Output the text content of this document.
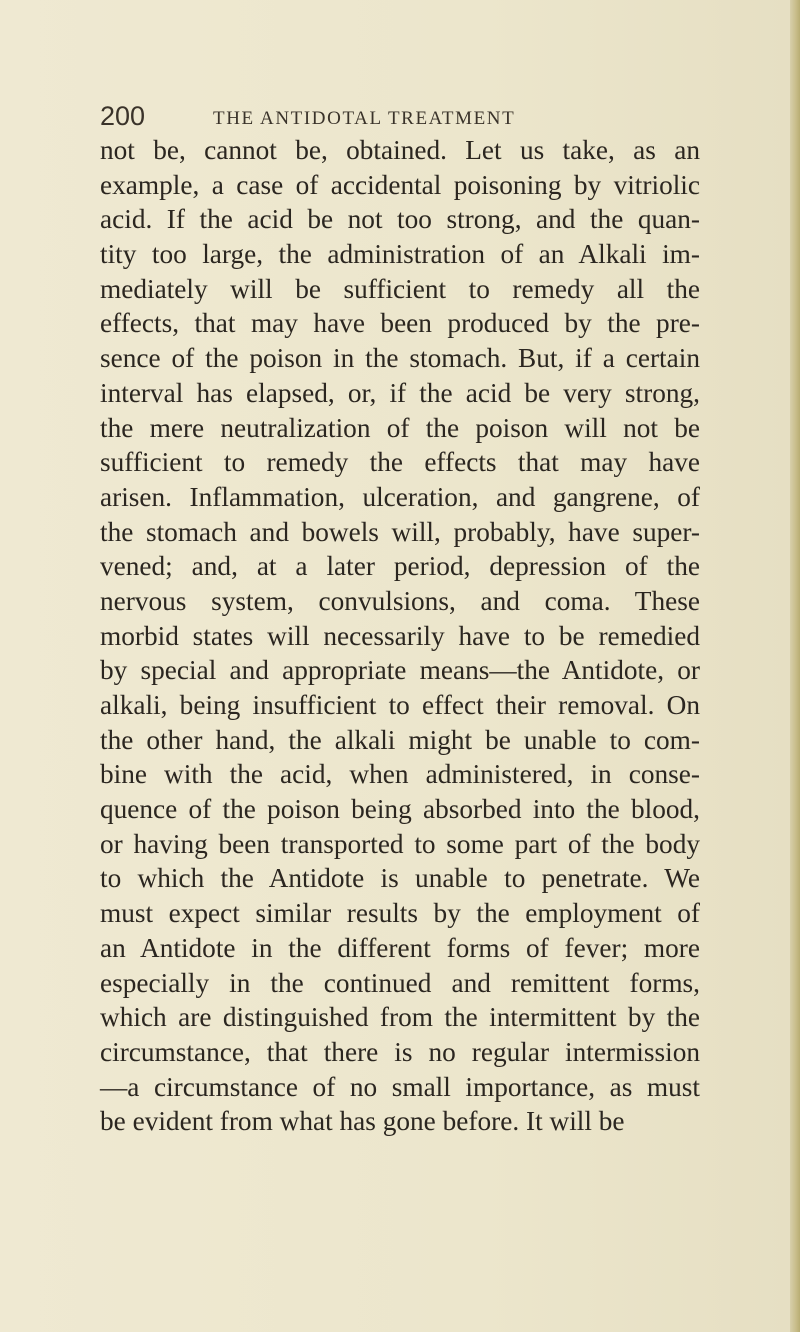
200	THE ANTIDOTAL TREATMENT
not be, cannot be, obtained. Let us take, as an
example, a case of accidental poisoning by vitriolic
acid. If the acid be not too strong, and the quan-
tity too large, the administration of an Alkali im-
mediately will be sufficient to remedy all the
effects, that may have been produced by the pre-
sence of the poison in the stomach. But, if a certain
interval has elapsed, or, if the acid be very strong,
the mere neutralization of the poison will not be
sufficient to remedy the effects that may have
arisen. Inflammation, ulceration, and gangrene, of
the stomach and bowels will, probably, have super-
vened; and, at a later period, depression of the
nervous system, convulsions, and coma. These
morbid states will necessarily have to be remedied
by special and appropriate means—the Antidote, or
alkali, being insufficient to effect their removal. On
the other hand, the alkali might be unable to com-
bine with the acid, when administered, in conse-
quence of the poison being absorbed into the blood,
or having been transported to some part of the body
to which the Antidote is unable to penetrate. We
must expect similar results by the employment of
an Antidote in the different forms of fever; more
especially in the continued and remittent forms,
which are distinguished from the intermittent by the
circumstance, that there is no regular intermission
—a circumstance of no small importance, as must
be evident from what has gone before. It will be
